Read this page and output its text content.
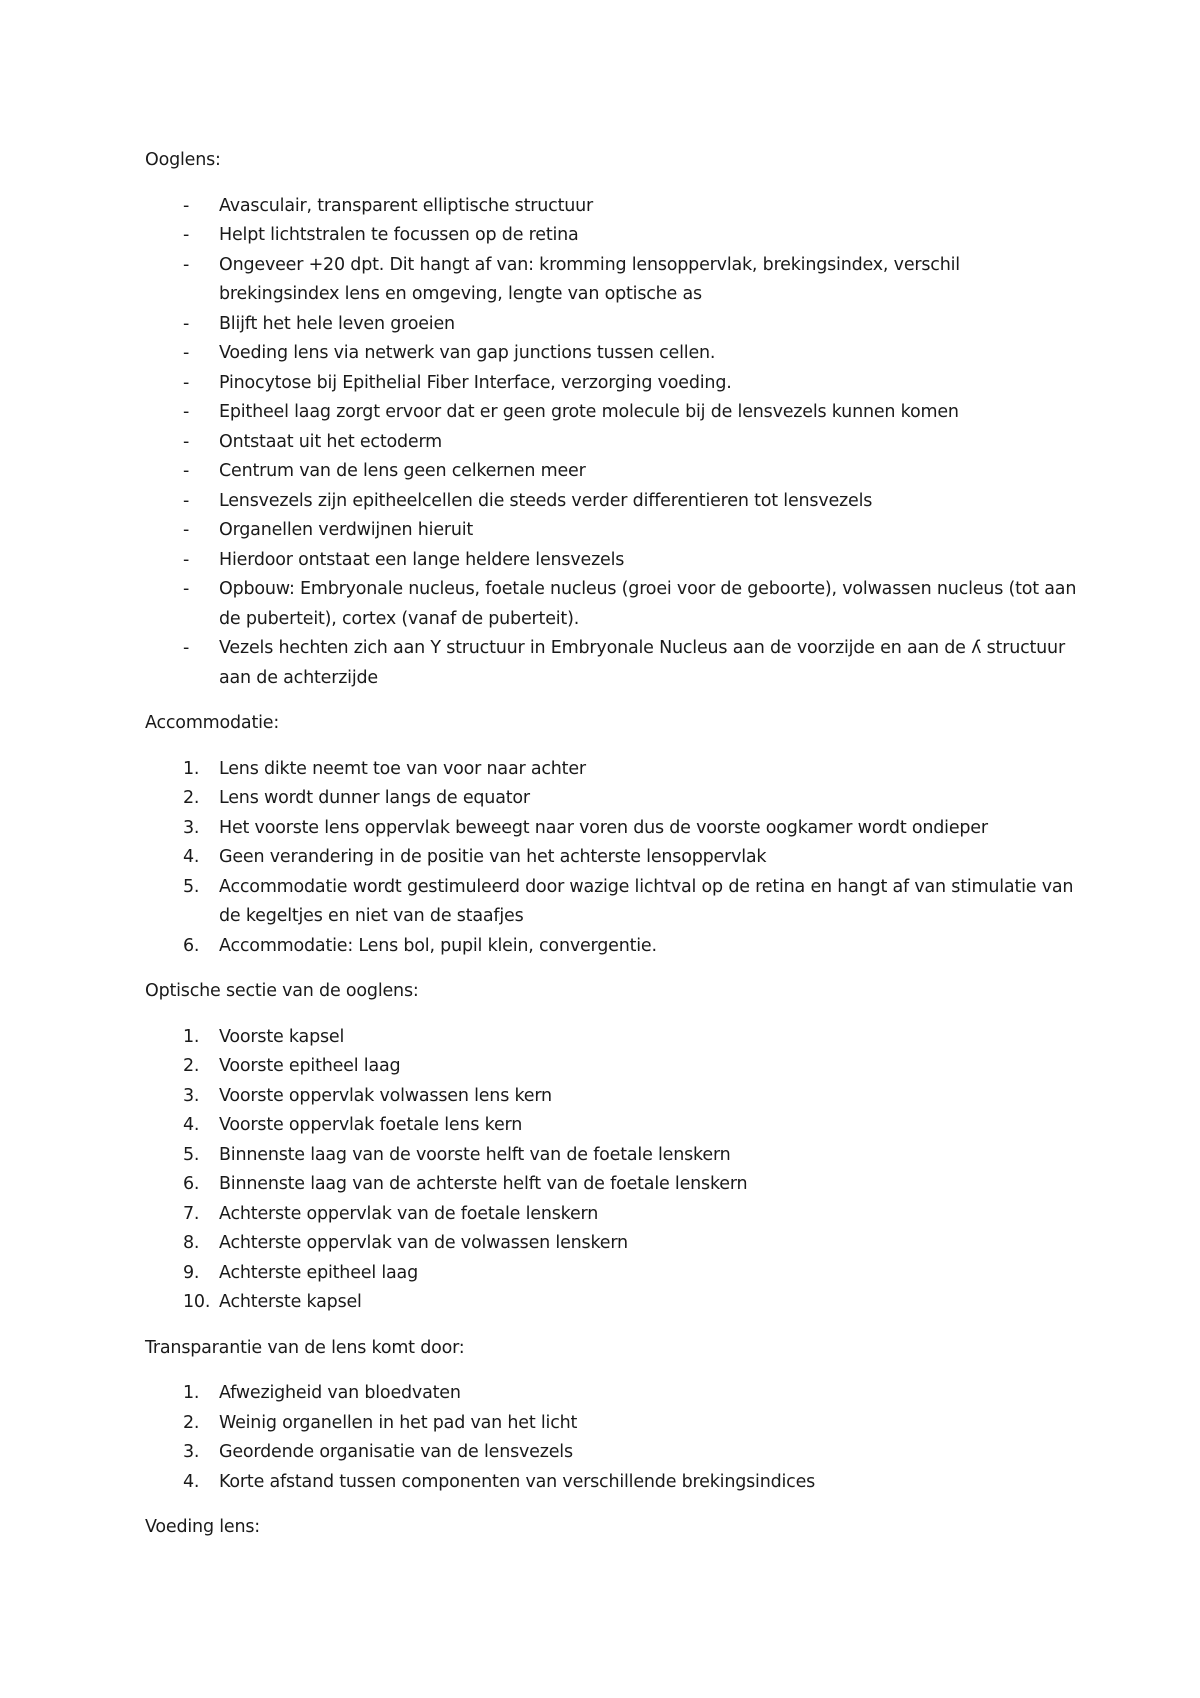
Ooglens:

- Avasculair, transparent elliptische structuur
- Helpt lichtstralen te focussen op de retina
- Ongeveer +20 dpt. Dit hangt af van: kromming lensoppervlak, brekingsindex, verschil brekingsindex lens en omgeving, lengte van optische as
- Blijft het hele leven groeien
- Voeding lens via netwerk van gap junctions tussen cellen.
- Pinocytose bij Epithelial Fiber Interface, verzorging voeding.
- Epitheel laag zorgt ervoor dat er geen grote molecule bij de lensvezels kunnen komen
- Ontstaat uit het ectoderm
- Centrum van de lens geen celkernen meer
- Lensvezels zijn epitheelcellen die steeds verder differentieren tot lensvezels
- Organellen verdwijnen hieruit
- Hierdoor ontstaat een lange heldere lensvezels
- Opbouw: Embryonale nucleus, foetale nucleus (groei voor de geboorte), volwassen nucleus (tot aan de puberteit), cortex (vanaf de puberteit).
- Vezels hechten zich aan Y structuur in Embryonale Nucleus aan de voorzijde en aan de ʎ structuur aan de achterzijde

Accommodatie:

1. Lens dikte neemt toe van voor naar achter
2. Lens wordt dunner langs de equator
3. Het voorste lens oppervlak beweegt naar voren dus de voorste oogkamer wordt ondieper
4. Geen verandering in de positie van het achterste lensoppervlak
5. Accommodatie wordt gestimuleerd door wazige lichtval op de retina en hangt af van stimulatie van de kegeltjes en niet van de staafjes
6. Accommodatie: Lens bol, pupil klein, convergentie.

Optische sectie van de ooglens:

1. Voorste kapsel
2. Voorste epitheel laag
3. Voorste oppervlak volwassen lens kern
4. Voorste oppervlak foetale lens kern
5. Binnenste laag van de voorste helft van de foetale lenskern
6. Binnenste laag van de achterste helft van de foetale lenskern
7. Achterste oppervlak van de foetale lenskern
8. Achterste oppervlak van de volwassen lenskern
9. Achterste epitheel laag
10. Achterste kapsel

Transparantie van de lens komt door:

1. Afwezigheid van bloedvaten
2. Weinig organellen in het pad van het licht
3. Geordende organisatie van de lensvezels
4. Korte afstand tussen componenten van verschillende brekingsindices

Voeding lens:
